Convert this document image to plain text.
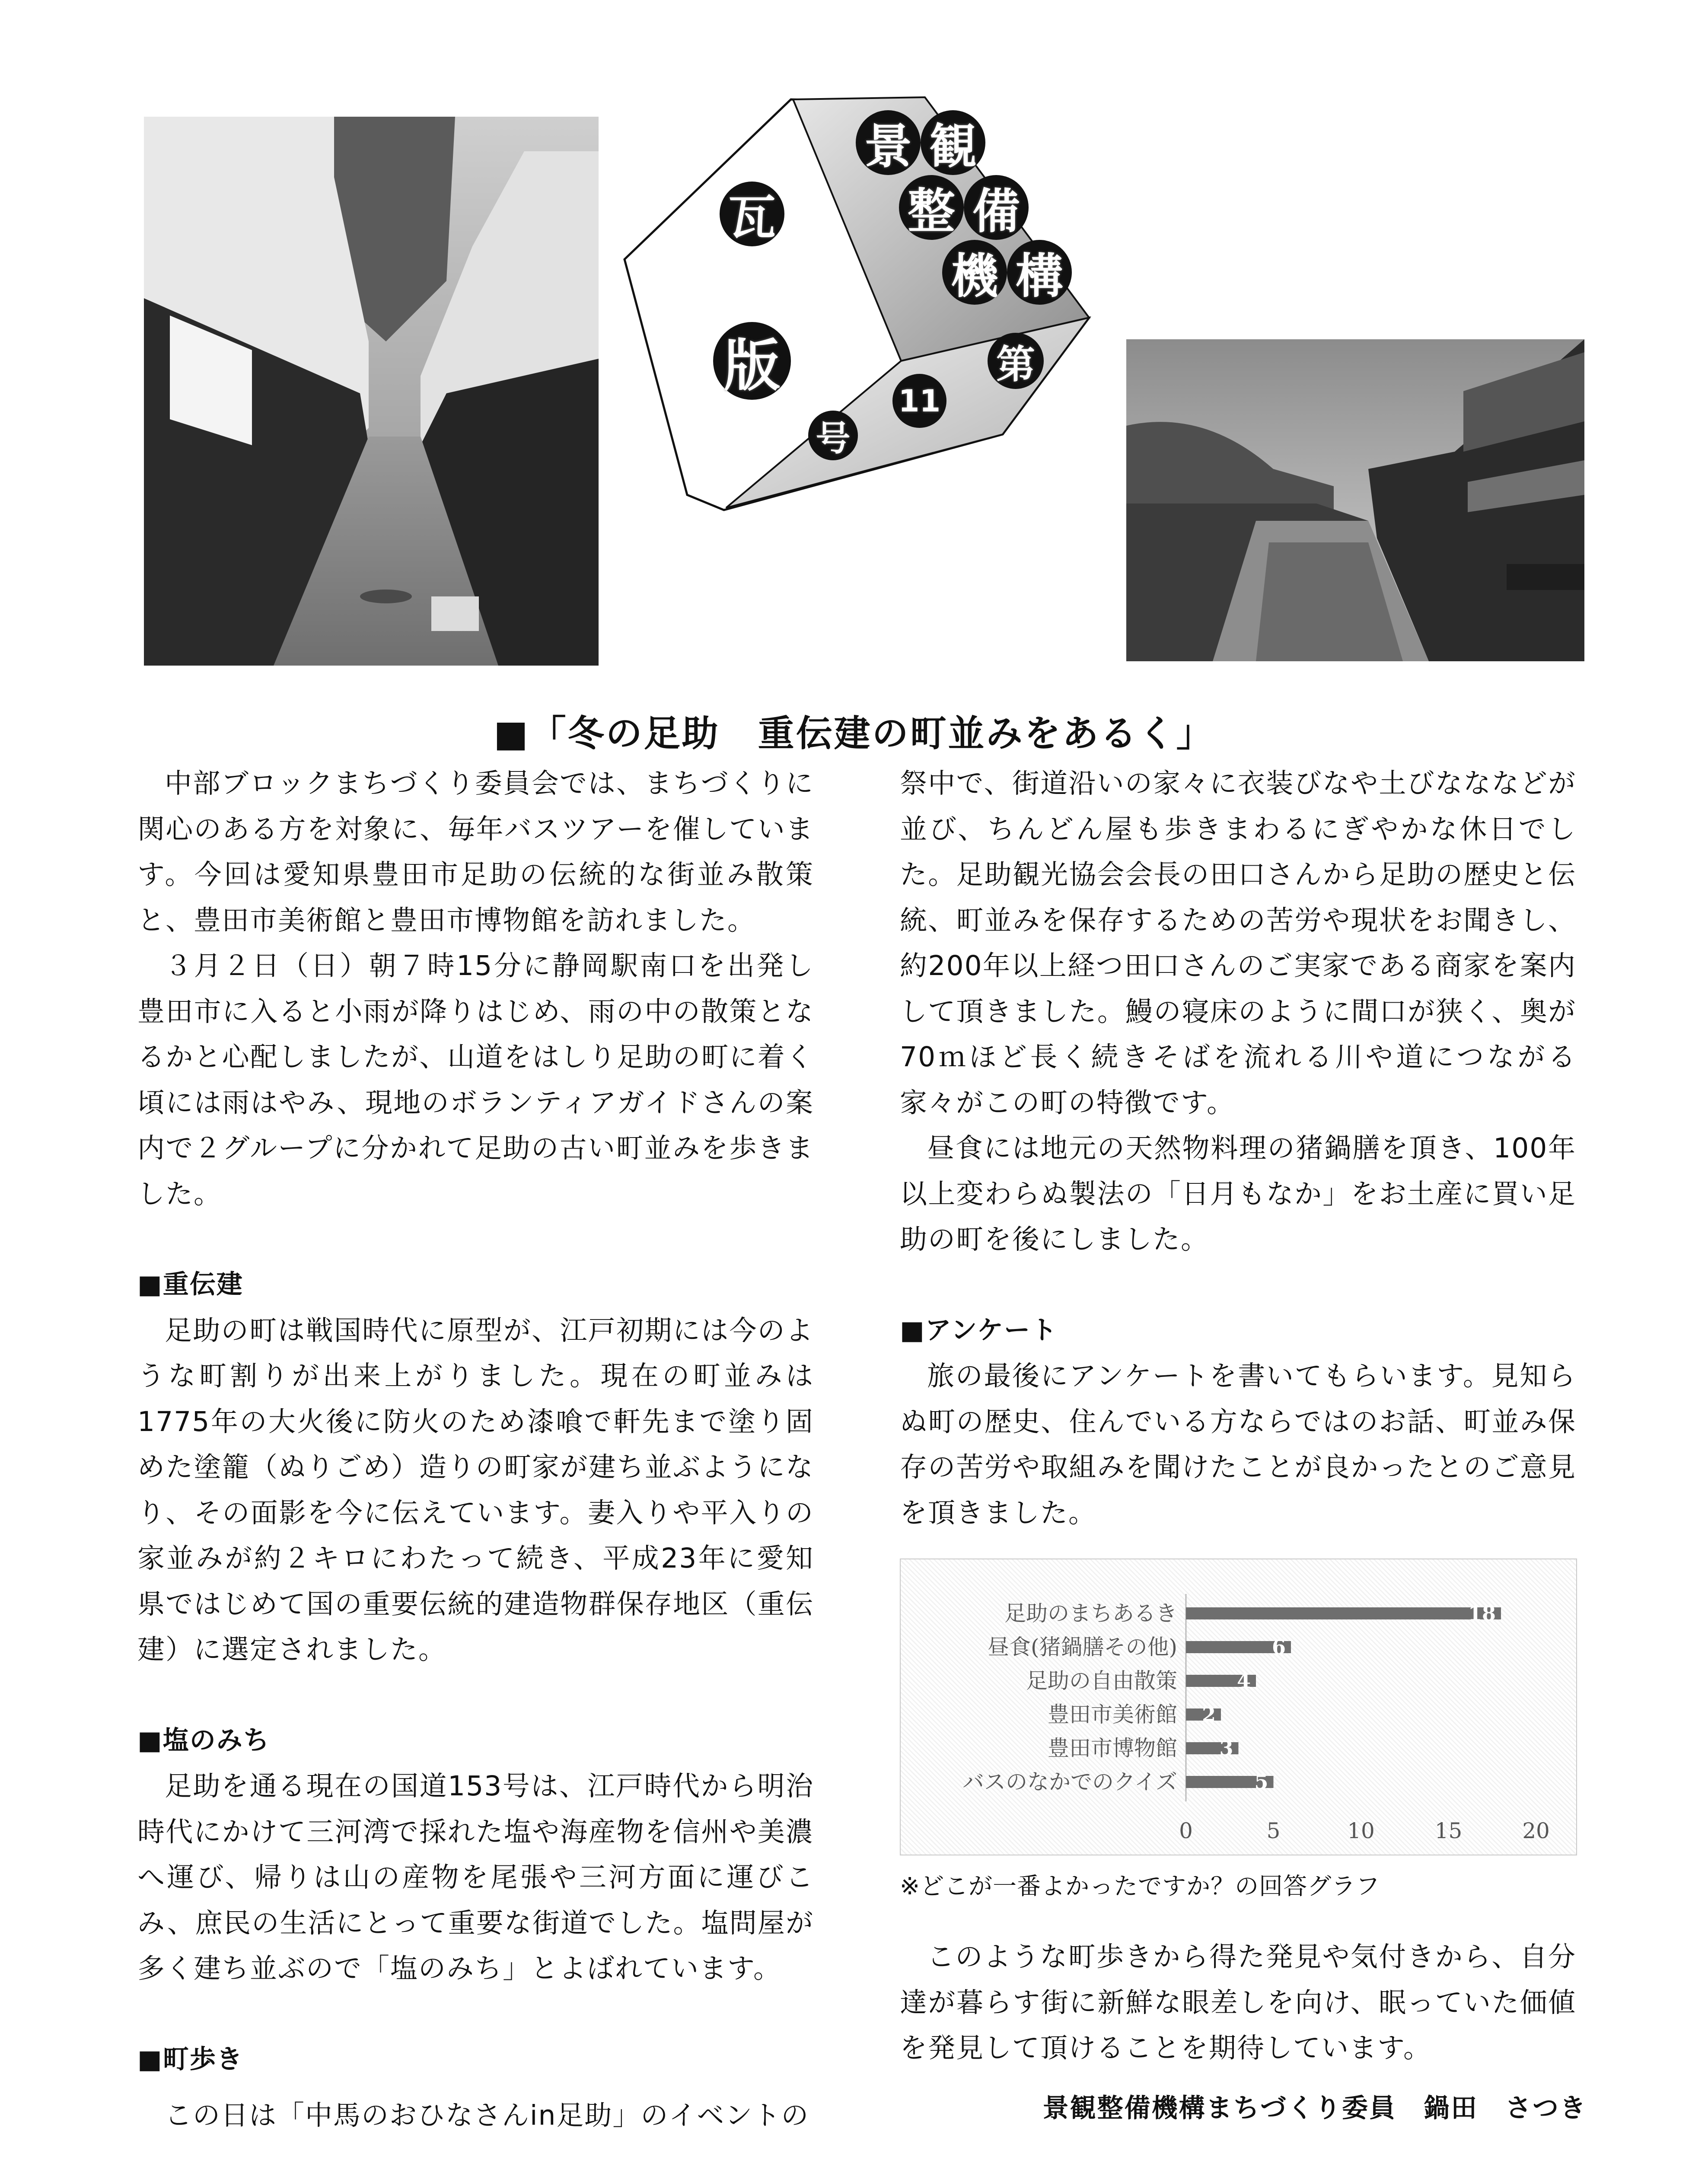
景 観
整 備
機 構
瓦
版	第
11
号
■「冬の足助　重伝建の町並みをあるく」

中部ブロックまちづくり委員会では、まちづくりに関心のある方を対象に、毎年バスツアーを催しています。今回は愛知県豊田市足助の伝統的な街並み散策と、豊田市美術館と豊田市博物館を訪れました。

３月２日（日）朝７時15分に静岡駅南口を出発し豊田市に入ると小雨が降りはじめ、雨の中の散策となるかと心配しましたが、山道をはしり足助の町に着く頃には雨はやみ、現地のボランティアガイドさんの案内で２グループに分かれて足助の古い町並みを歩きました。

■重伝建

足助の町は戦国時代に原型が、江戸初期には今のような町割りが出来上がりました。現在の町並みは1775年の大火後に防火のため漆喰で軒先まで塗り固めた塗籠（ぬりごめ）造りの町家が建ち並ぶようになり、その面影を今に伝えています。妻入りや平入りの家並みが約２キロにわたって続き、平成23年に愛知県ではじめて国の重要伝統的建造物群保存地区（重伝建）に選定されました。

■塩のみち

足助を通る現在の国道153号は、江戸時代から明治時代にかけて三河湾で採れた塩や海産物を信州や美濃へ運び、帰りは山の産物を尾張や三河方面に運びこみ、庶民の生活にとって重要な街道でした。塩問屋が多く建ち並ぶので「塩のみち」とよばれています。

■町歩き

この日は「中馬のおひなさんin足助」のイベントの

祭中で、街道沿いの家々に衣装びなや土びなななどが並び、ちんどん屋も歩きまわるにぎやかな休日でした。足助観光協会会長の田口さんから足助の歴史と伝統、町並みを保存するための苦労や現状をお聞きし、約200年以上経つ田口さんのご実家である商家を案内して頂きました。鰻の寝床のように間口が狭く、奥が70ｍほど長く続きそばを流れる川や道につながる家々がこの町の特徴です。

昼食には地元の天然物料理の猪鍋膳を頂き、100年以上変わらぬ製法の「日月もなか」をお土産に買い足助の町を後にしました。

■アンケート

旅の最後にアンケートを書いてもらいます。見知らぬ町の歴史、住んでいる方ならではのお話、町並み保存の苦労や取組みを聞けたことが良かったとのご意見を頂きました。

足助のまちあるき	18
昼食(猪鍋膳その他)	6
足助の自由散策	4
豊田市美術館 2
豊田市博物館 3
バスのなかでのクイズ	5
0	5	10	15	20
※どこが一番よかったですか？の回答グラフ

このような町歩きから得た発見や気付きから、自分達が暮らす街に新鮮な眼差しを向け、眠っていた価値を発見して頂けることを期待しています。

景観整備機構まちづくり委員　鍋田　さつき
